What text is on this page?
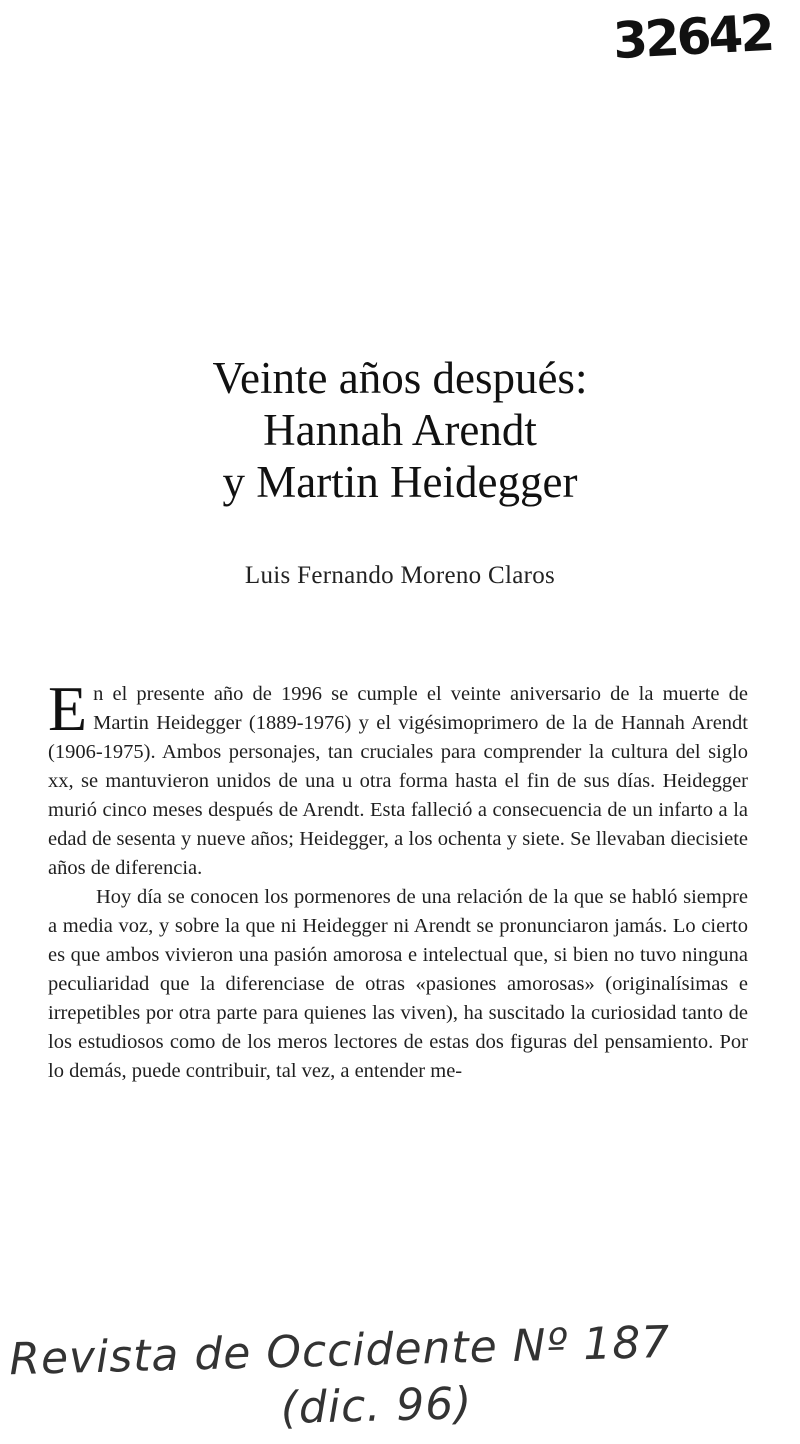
32642
Veinte años después:
Hannah Arendt
y Martin Heidegger
Luis Fernando Moreno Claros

En el presente año de 1996 se cumple el veinte aniversario de la muerte de Martin Heidegger (1889-1976) y el vigésimoprimero de la de Hannah Arendt (1906-1975). Ambos personajes, tan cruciales para comprender la cultura del siglo xx, se mantuvieron unidos de una u otra forma hasta el fin de sus días. Heidegger murió cinco meses después de Arendt. Esta falleció a consecuencia de un infarto a la edad de sesenta y nueve años; Heidegger, a los ochenta y siete. Se llevaban diecisiete años de diferencia.

Hoy día se conocen los pormenores de una relación de la que se habló siempre a media voz, y sobre la que ni Heidegger ni Arendt se pronunciaron jamás. Lo cierto es que ambos vivieron una pasión amorosa e intelectual que, si bien no tuvo ninguna peculiaridad que la diferenciase de otras «pasiones amorosas» (originalísimas e irrepetibles por otra parte para quienes las viven), ha suscitado la curiosidad tanto de los estudiosos como de los meros lectores de estas dos figuras del pensamiento. Por lo demás, puede contribuir, tal vez, a entender me-

Revista de Occidente Nº 187
(dic. 96)
